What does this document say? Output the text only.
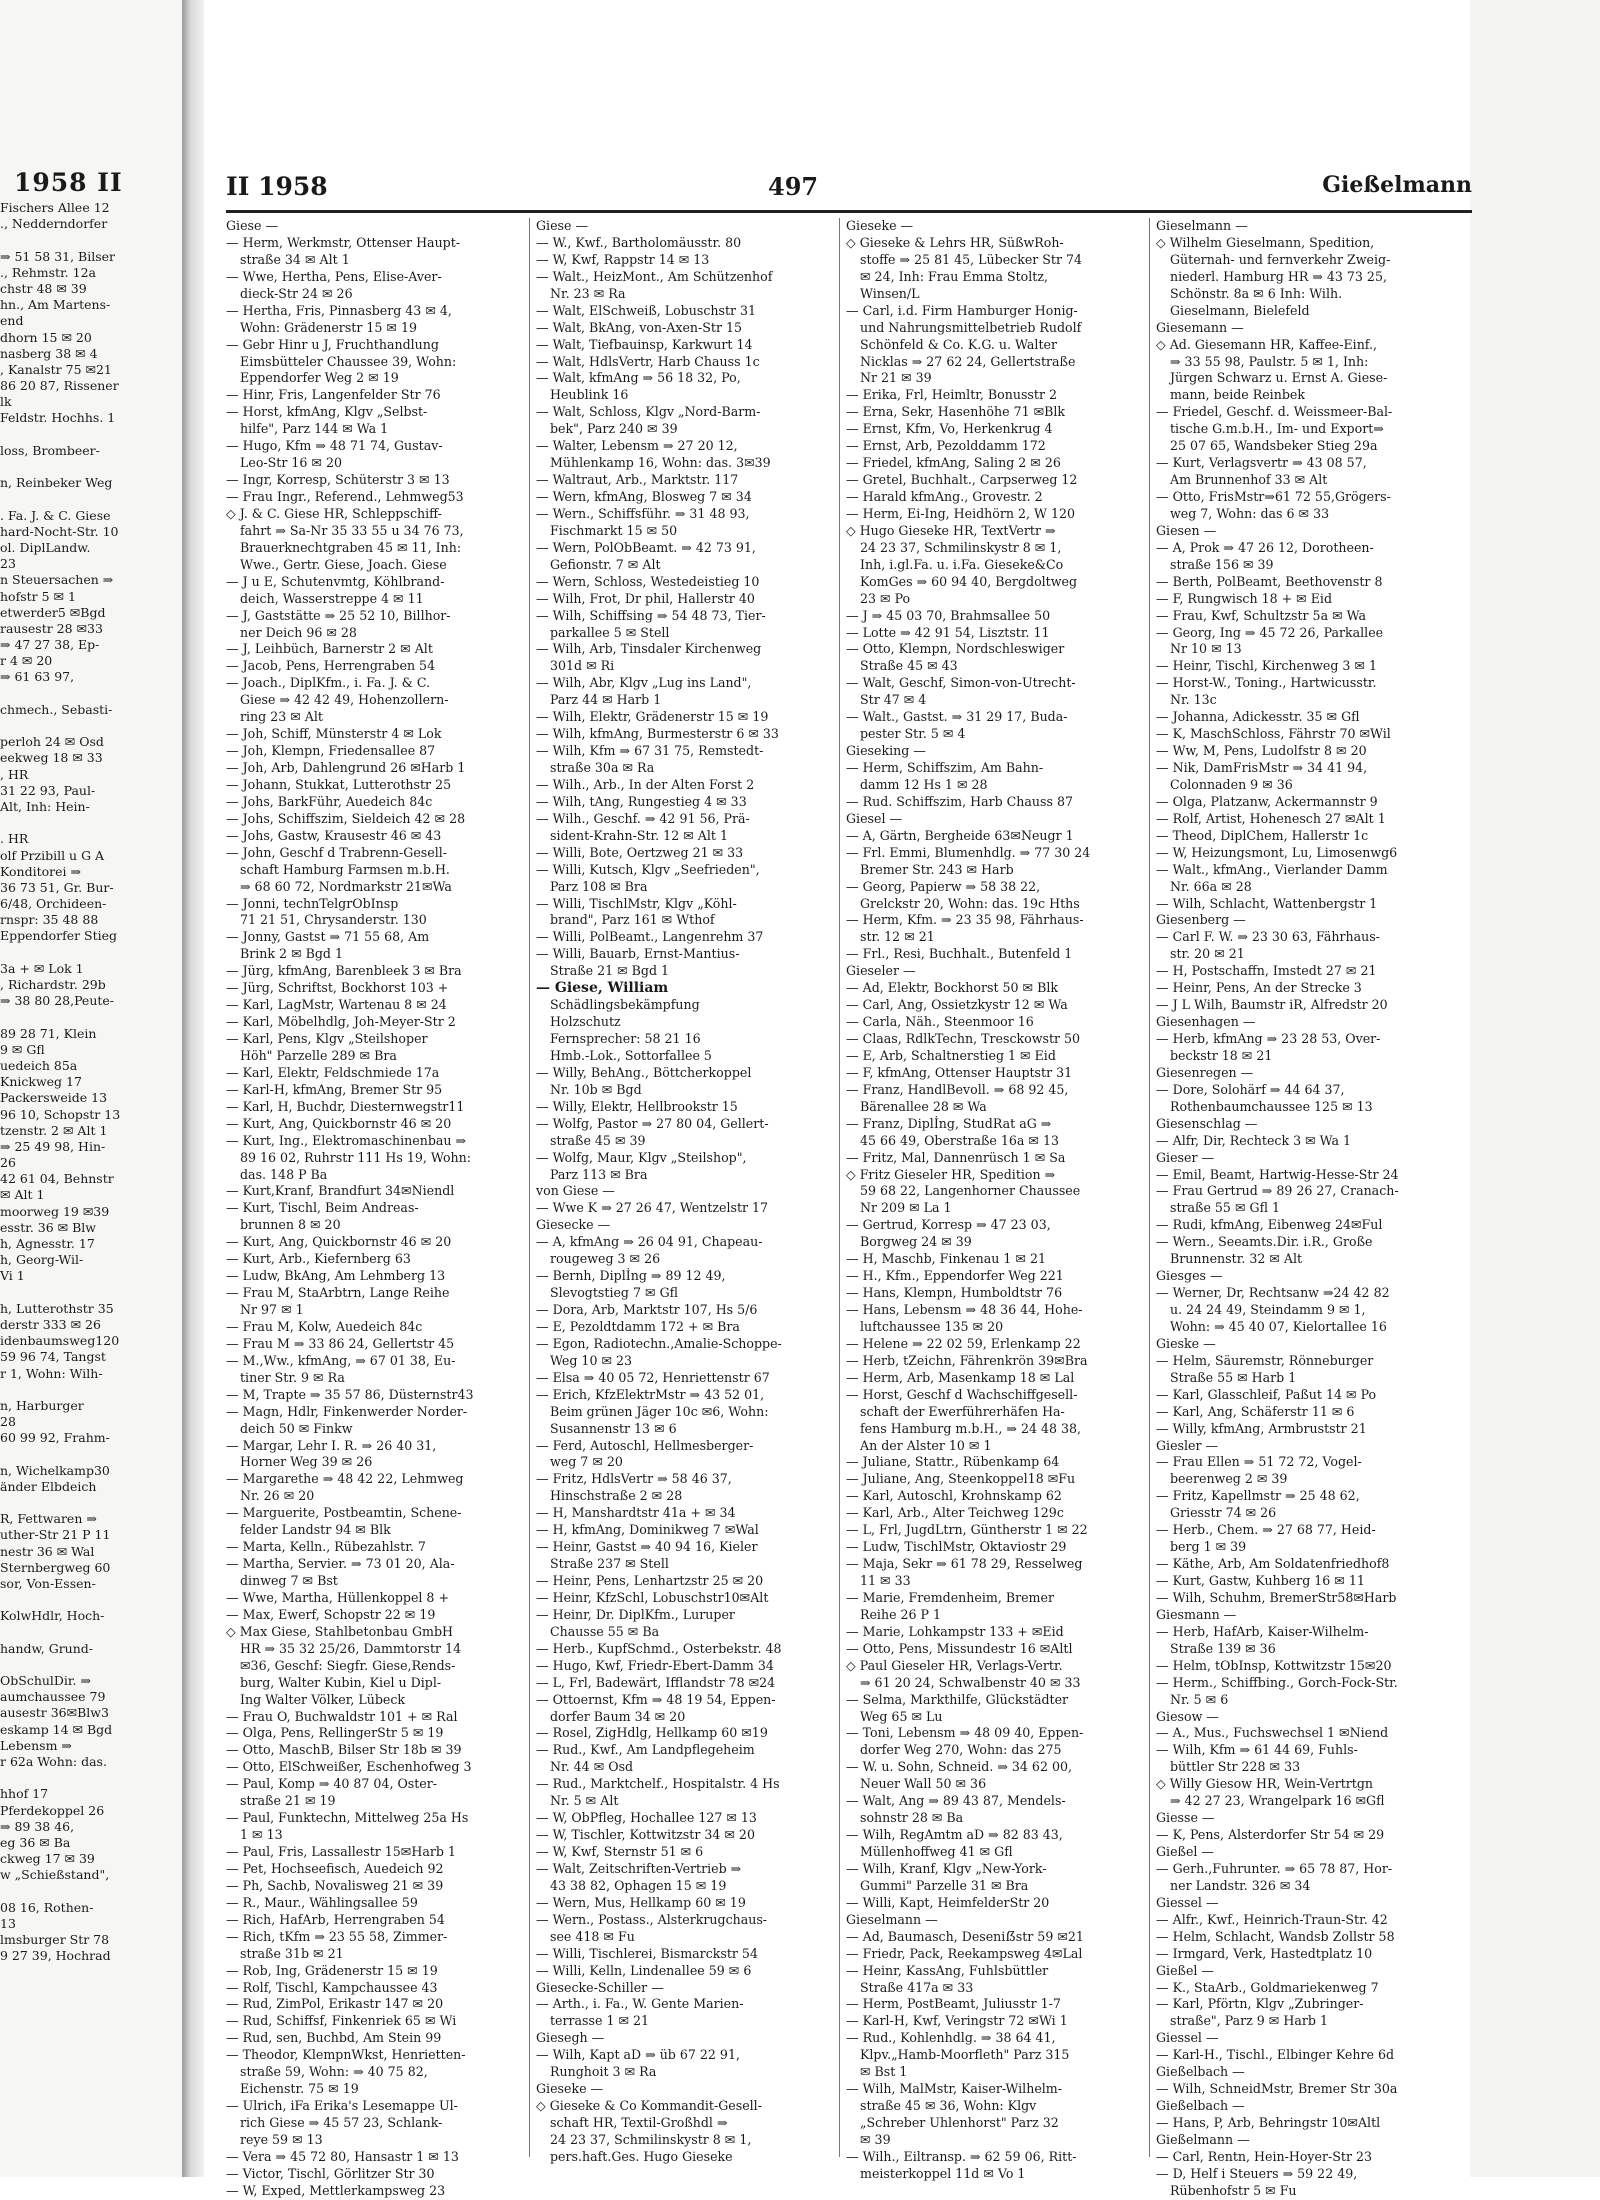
1958 II
Fischers Allee 12
., Nedderndorfer
⇒ 51 58 31, Bilser
., Rehmstr. 12a
chstr 48 ✉ 39
hn., Am Martens-
end
dhorn 15 ✉ 20
nasberg 38 ✉ 4
, Kanalstr 75 ✉21
86 20 87, Rissener
lk
Feldstr. Hochhs. 1
loss, Brombeer-
n, Reinbeker Weg
. Fa. J. & C. Giese
hard-Nocht-Str. 10
ol. DiplLandw.
23
n Steuersachen ⇒
hofstr 5 ✉ 1
etwerder5 ✉Bgd
rausestr 28 ✉33
⇒ 47 27 38, Ep-
r 4 ✉ 20
⇒ 61 63 97,
chmech., Sebasti-
perloh 24 ✉ Osd
eekweg 18 ✉ 33
, HR
31 22 93, Paul-
Alt, Inh: Hein-
. HR
olf Przibill u G A
Konditorei ⇒
36 73 51, Gr. Bur-
6/48, Orchideen-
rnspr: 35 48 88
Eppendorfer Stieg
3a + ✉ Lok 1
, Richardstr. 29b
⇒ 38 80 28,Peute-
89 28 71, Klein
9 ✉ Gfl
uedeich 85a
Knickweg 17
Packersweide 13
96 10, Schopstr 13
tzenstr. 2 ✉ Alt 1
⇒ 25 49 98, Hin-
26
42 61 04, Behnstr
✉ Alt 1
moorweg 19 ✉39
esstr. 36 ✉ Blw
h, Agnesstr. 17
h, Georg-Wil-
Vi 1
h, Lutterothstr 35
derstr 333 ✉ 26
idenbaumsweg120
59 96 74, Tangst
r 1, Wohn: Wilh-
n, Harburger
28
60 99 92, Frahm-
n, Wichelkamp30
änder Elbdeich
R, Fettwaren ⇒
uther-Str 21 P 11
nestr 36 ✉ Wal
Sternbergweg 60
sor, Von-Essen-
KolwHdlr, Hoch-
handw, Grund-
ObSchulDir. ⇒
aumchaussee 79
ausestr 36✉Blw3
eskamp 14 ✉ Bgd
Lebensm ⇒
r 62a Wohn: das.
hhof 17
Pferdekoppel 26
⇒ 89 38 46,
eg 36 ✉ Ba
ckweg 17 ✉ 39
w „Schießstand",
08 16, Rothen-
13
lmsburger Str 78
9 27 39, Hochrad
II 1958	497	Gießelmann
Giese —
— Herm, Werkmstr, Ottenser Haupt-
straße 34 ✉ Alt 1
— Wwe, Hertha, Pens, Elise-Aver-
dieck-Str 24 ✉ 26
— Hertha, Fris, Pinnasberg 43 ✉ 4,
Wohn: Grädenerstr 15 ✉ 19
— Gebr Hinr u J, Fruchthandlung
Eimsbütteler Chaussee 39, Wohn:
Eppendorfer Weg 2 ✉ 19
— Hinr, Fris, Langenfelder Str 76
— Horst, kfmAng, Klgv „Selbst-
hilfe", Parz 144 ✉ Wa 1
— Hugo, Kfm ⇒ 48 71 74, Gustav-
Leo-Str 16 ✉ 20
— Ingr, Korresp, Schüterstr 3 ✉ 13
— Frau Ingr., Referend., Lehmweg53
◇ J. & C. Giese HR, Schleppschiff-
fahrt ⇒ Sa-Nr 35 33 55 u 34 76 73,
Brauerknechtgraben 45 ✉ 11, Inh:
Wwe., Gertr. Giese, Joach. Giese
— J u E, Schutenvmtg, Köhlbrand-
deich, Wasserstreppe 4 ✉ 11
— J, Gaststätte ⇒ 25 52 10, Billhor-
ner Deich 96 ✉ 28
— J, Leihbüch, Barnerstr 2 ✉ Alt
— Jacob, Pens, Herrengraben 54
— Joach., DiplKfm., i. Fa. J. & C.
Giese ⇒ 42 42 49, Hohenzollern-
ring 23 ✉ Alt
— Joh, Schiff, Münsterstr 4 ✉ Lok
— Joh, Klempn, Friedensallee 87
— Joh, Arb, Dahlengrund 26 ✉Harb 1
— Johann, Stukkat, Lutterothstr 25
— Johs, BarkFühr, Auedeich 84c
— Johs, Schiffszim, Sieldeich 42 ✉ 28
— Johs, Gastw, Krausestr 46 ✉ 43
— John, Geschf d Trabrenn-Gesell-
schaft Hamburg Farmsen m.b.H.
⇒ 68 60 72, Nordmarkstr 21✉Wa
— Jonni, technTelgrObInsp
71 21 51, Chrysanderstr. 130
— Jonny, Gastst ⇒ 71 55 68, Am
Brink 2 ✉ Bgd 1
— Jürg, kfmAng, Barenbleek 3 ✉ Bra
— Jürg, Schriftst, Bockhorst 103 +
— Karl, LagMstr, Wartenau 8 ✉ 24
— Karl, Möbelhdlg, Joh-Meyer-Str 2
— Karl, Pens, Klgv „Steilshoper
Höh" Parzelle 289 ✉ Bra
— Karl, Elektr, Feldschmiede 17a
— Karl-H, kfmAng, Bremer Str 95
— Karl, H, Buchdr, Diesternwegstr11
— Kurt, Ang, Quickbornstr 46 ✉ 20
— Kurt, Ing., Elektromaschinenbau ⇒
89 16 02, Ruhrstr 111 Hs 19, Wohn:
das. 148 P Ba
— Kurt,Kranf, Brandfurt 34✉Niendl
— Kurt, Tischl, Beim Andreas-
brunnen 8 ✉ 20
— Kurt, Ang, Quickbornstr 46 ✉ 20
— Kurt, Arb., Kiefernberg 63
— Ludw, BkAng, Am Lehmberg 13
— Frau M, StaArbtrn, Lange Reihe
Nr 97 ✉ 1
— Frau M, Kolw, Auedeich 84c
— Frau M ⇒ 33 86 24, Gellertstr 45
— M.,Ww., kfmAng, ⇒ 67 01 38, Eu-
tiner Str. 9 ✉ Ra
— M, Trapte ⇒ 35 57 86, Düsternstr43
— Magn, Hdlr, Finkenwerder Norder-
deich 50 ✉ Finkw
— Margar, Lehr I. R. ⇒ 26 40 31,
Horner Weg 39 ✉ 26
— Margarethe ⇒ 48 42 22, Lehmweg
Nr. 26 ✉ 20
— Marguerite, Postbeamtin, Schene-
felder Landstr 94 ✉ Blk
— Marta, Kelln., Rübezahlstr. 7
— Martha, Servier. ⇒ 73 01 20, Ala-
dinweg 7 ✉ Bst
— Wwe, Martha, Hüllenkoppel 8 +
— Max, Ewerf, Schopstr 22 ✉ 19
◇ Max Giese, Stahlbetonbau GmbH
HR ⇒ 35 32 25/26, Dammtorstr 14
✉36, Geschf: Siegfr. Giese,Rends-
burg, Walter Kubin, Kiel u Dipl-
Ing Walter Völker, Lübeck
— Frau O, Buchwaldstr 101 + ✉ Ral
— Olga, Pens, RellingerStr 5 ✉ 19
— Otto, MaschB, Bilser Str 18b ✉ 39
— Otto, ElSchweißer, Eschenhofweg 3
— Paul, Komp ⇒ 40 87 04, Oster-
straße 21 ✉ 19
— Paul, Funktechn, Mittelweg 25a Hs
1 ✉ 13
— Paul, Fris, Lassallestr 15✉Harb 1
— Pet, Hochseefisch, Auedeich 92
— Ph, Sachb, Novalisweg 21 ✉ 39
— R., Maur., Wählingsallee 59
— Rich, HafArb, Herrengraben 54
— Rich, tKfm ⇒ 23 55 58, Zimmer-
straße 31b ✉ 21
— Rob, Ing, Grädenerstr 15 ✉ 19
— Rolf, Tischl, Kampchaussee 43
— Rud, ZimPol, Erikastr 147 ✉ 20
— Rud, Schiffsf, Finkenriek 65 ✉ Wi
— Rud, sen, Buchbd, Am Stein 99
— Theodor, KlempnWkst, Henrietten-
straße 59, Wohn: ⇒ 40 75 82,
Eichenstr. 75 ✉ 19
— Ulrich, iFa Erika's Lesemappe Ul-
rich Giese ⇒ 45 57 23, Schlank-
reye 59 ✉ 13
— Vera ⇒ 45 72 80, Hansastr 1 ✉ 13
— Victor, Tischl, Görlitzer Str 30
— W, Exped, Mettlerkampsweg 23
Giese —
— W., Kwf., Bartholomäusstr. 80
— W, Kwf, Rappstr 14 ✉ 13
— Walt., HeizMont., Am Schützenhof
Nr. 23 ✉ Ra
— Walt, ElSchweiß, Lobuschstr 31
— Walt, BkAng, von-Axen-Str 15
— Walt, Tiefbauinsp, Karkwurt 14
— Walt, HdlsVertr, Harb Chauss 1c
— Walt, kfmAng ⇒ 56 18 32, Po,
Heublink 16
— Walt, Schloss, Klgv „Nord-Barm-
bek", Parz 240 ✉ 39
— Walter, Lebensm ⇒ 27 20 12,
Mühlenkamp 16, Wohn: das. 3✉39
— Waltraut, Arb., Marktstr. 117
— Wern, kfmAng, Blosweg 7 ✉ 34
— Wern., Schiffsführ. ⇒ 31 48 93,
Fischmarkt 15 ✉ 50
— Wern, PolObBeamt. ⇒ 42 73 91,
Gefionstr. 7 ✉ Alt
— Wern, Schloss, Westedeistieg 10
— Wilh, Frot, Dr phil, Hallerstr 40
— Wilh, Schiffsing ⇒ 54 48 73, Tier-
parkallee 5 ✉ Stell
— Wilh, Arb, Tinsdaler Kirchenweg
301d ✉ Ri
— Wilh, Abr, Klgv „Lug ins Land",
Parz 44 ✉ Harb 1
— Wilh, Elektr, Grädenerstr 15 ✉ 19
— Wilh, kfmAng, Burmesterstr 6 ✉ 33
— Wilh, Kfm ⇒ 67 31 75, Remstedt-
straße 30a ✉ Ra
— Wilh., Arb., In der Alten Forst 2
— Wilh, tAng, Rungestieg 4 ✉ 33
— Wilh., Geschf. ⇒ 42 91 56, Prä-
sident-Krahn-Str. 12 ✉ Alt 1
— Willi, Bote, Oertzweg 21 ✉ 33
— Willi, Kutsch, Klgv „Seefrieden",
Parz 108 ✉ Bra
— Willi, TischlMstr, Klgv „Köhl-
brand", Parz 161 ✉ Wthof
— Willi, PolBeamt., Langenrehm 37
— Willi, Bauarb, Ernst-Mantius-
Straße 21 ✉ Bgd 1
— Giese, William
Schädlingsbekämpfung
Holzschutz
Fernsprecher: 58 21 16
Hmb.-Lok., Sottorfallee 5
— Willy, BehAng., Böttcherkoppel
Nr. 10b ✉ Bgd
— Willy, Elektr, Hellbrookstr 15
— Wolfg, Pastor ⇒ 27 80 04, Gellert-
straße 45 ✉ 39
— Wolfg, Maur, Klgv „Steilshop",
Parz 113 ✉ Bra
von Giese —
— Wwe K ⇒ 27 26 47, Wentzelstr 17
Giesecke —
— A, kfmAng ⇒ 26 04 91, Chapeau-
rougeweg 3 ✉ 26
— Bernh, Diplİng ⇒ 89 12 49,
Slevogtstieg 7 ✉ Gfl
— Dora, Arb, Marktstr 107, Hs 5/6
— E, Pezoldtdamm 172 + ✉ Bra
— Egon, Radiotechn.,Amalie-Schoppe-
Weg 10 ✉ 23
— Elsa ⇒ 40 05 72, Henriettenstr 67
— Erich, KfzElektrMstr ⇒ 43 52 01,
Beim grünen Jäger 10c ✉6, Wohn:
Susannenstr 13 ✉ 6
— Ferd, Autoschl, Hellmesberger-
weg 7 ✉ 20
— Fritz, HdlsVertr ⇒ 58 46 37,
Hinschstraße 2 ✉ 28
— H, Manshardtstr 41a + ✉ 34
— H, kfmAng, Dominikweg 7 ✉Wal
— Heinr, Gastst ⇒ 40 94 16, Kieler
Straße 237 ✉ Stell
— Heinr, Pens, Lenhartzstr 25 ✉ 20
— Heinr, KfzSchl, Lobuschstr10✉Alt
— Heinr, Dr. DiplKfm., Luruper
Chausse 55 ✉ Ba
— Herb., KupfSchmd., Osterbekstr. 48
— Hugo, Kwf, Friedr-Ebert-Damm 34
— L, Frl, Badewärt, Ifflandstr 78 ✉24
— Ottoernst, Kfm ⇒ 48 19 54, Eppen-
dorfer Baum 34 ✉ 20
— Rosel, ZigHdlg, Hellkamp 60 ✉19
— Rud., Kwf., Am Landpflegeheim
Nr. 44 ✉ Osd
— Rud., Marktchelf., Hospitalstr. 4 Hs
Nr. 5 ✉ Alt
— W, ObPfleg, Hochallee 127 ✉ 13
— W, Tischler, Kottwitzstr 34 ✉ 20
— W, Kwf, Sternstr 51 ✉ 6
— Walt, Zeitschriften-Vertrieb ⇒
43 38 82, Ophagen 15 ✉ 19
— Wern, Mus, Hellkamp 60 ✉ 19
— Wern., Postass., Alsterkrugchaus-
see 418 ✉ Fu
— Willi, Tischlerei, Bismarckstr 54
— Willi, Kelln, Lindenallee 59 ✉ 6
Giesecke-Schiller —
— Arth., i. Fa., W. Gente Marien-
terrasse 1 ✉ 21
Giesegh —
— Wilh, Kapt aD ⇒ üb 67 22 91,
Runghoit 3 ✉ Ra
Gieseke —
◇ Gieseke & Co Kommandit-Gesell-
schaft HR, Textil-Großhdl ⇒
24 23 37, Schmilinskystr 8 ✉ 1,
pers.haft.Ges. Hugo Gieseke
Gieseke —
◇ Gieseke & Lehrs HR, SüßwRoh-
stoffe ⇒ 25 81 45, Lübecker Str 74
✉ 24, Inh: Frau Emma Stoltz,
Winsen/L
— Carl, i.d. Firm Hamburger Honig-
und Nahrungsmittelbetrieb Rudolf
Schönfeld & Co. K.G. u. Walter
Nicklas ⇒ 27 62 24, Gellertstraße
Nr 21 ✉ 39
— Erika, Frl, Heimltr, Bonusstr 2
— Erna, Sekr, Hasenhöhe 71 ✉Blk
— Ernst, Kfm, Vo, Herkenkrug 4
— Ernst, Arb, Pezolddamm 172
— Friedel, kfmAng, Saling 2 ✉ 26
— Gretel, Buchhalt., Carpserweg 12
— Harald kfmAng., Grovestr. 2
— Herm, Ei-Ing, Heidhörn 2, W 120
◇ Hugo Gieseke HR, TextVertr ⇒
24 23 37, Schmilinskystr 8 ✉ 1,
Inh, i.gl.Fa. u. i.Fa. Gieseke&Co
KomGes ⇒ 60 94 40, Bergdoltweg
23 ✉ Po
— J ⇒ 45 03 70, Brahmsallee 50
— Lotte ⇒ 42 91 54, Lisztstr. 11
— Otto, Klempn, Nordschleswiger
Straße 45 ✉ 43
— Walt, Geschf, Simon-von-Utrecht-
Str 47 ✉ 4
— Walt., Gastst. ⇒ 31 29 17, Buda-
pester Str. 5 ✉ 4
Gieseking —
— Herm, Schiffszim, Am Bahn-
damm 12 Hs 1 ✉ 28
— Rud. Schiffszim, Harb Chauss 87
Giesel —
— A, Gärtn, Bergheide 63✉Neugr 1
— Frl. Emmi, Blumenhdlg. ⇒ 77 30 24
Bremer Str. 243 ✉ Harb
— Georg, Papierw ⇒ 58 38 22,
Grelckstr 20, Wohn: das. 19c Hths
— Herm, Kfm. ⇒ 23 35 98, Fährhaus-
str. 12 ✉ 21
— Frl., Resi, Buchhalt., Butenfeld 1
Gieseler —
— Ad, Elektr, Bockhorst 50 ✉ Blk
— Carl, Ang, Ossietzkystr 12 ✉ Wa
— Carla, Näh., Steenmoor 16
— Claas, RdlkTechn, Tresckowstr 50
— E, Arb, Schaltnerstieg 1 ✉ Eid
— F, kfmAng, Ottenser Hauptstr 31
— Franz, HandlBevoll. ⇒ 68 92 45,
Bärenallee 28 ✉ Wa
— Franz, Diplİng, StudRat aG ⇒
45 66 49, Oberstraße 16a ✉ 13
— Fritz, Mal, Dannenrüsch 1 ✉ Sa
◇ Fritz Gieseler HR, Spedition ⇒
59 68 22, Langenhorner Chaussee
Nr 209 ✉ La 1
— Gertrud, Korresp ⇒ 47 23 03,
Borgweg 24 ✉ 39
— H, Maschb, Finkenau 1 ✉ 21
— H., Kfm., Eppendorfer Weg 221
— Hans, Klempn, Humboldtstr 76
— Hans, Lebensm ⇒ 48 36 44, Hohe-
luftchaussee 135 ✉ 20
— Helene ⇒ 22 02 59, Erlenkamp 22
— Herb, tZeichn, Fährenkrön 39✉Bra
— Herm, Arb, Masenkamp 18 ✉ Lal
— Horst, Geschf d Wachschiffgesell-
schaft der Ewerführerhäfen Ha-
fens Hamburg m.b.H., ⇒ 24 48 38,
An der Alster 10 ✉ 1
— Juliane, Stattr., Rübenkamp 64
— Juliane, Ang, Steenkoppel18 ✉Fu
— Karl, Autoschl, Krohnskamp 62
— Karl, Arb., Alter Teichweg 129c
— L, Frl, JugdLtrn, Güntherstr 1 ✉ 22
— Ludw, TischlMstr, Oktaviostr 29
— Maja, Sekr ⇒ 61 78 29, Resselweg
11 ✉ 33
— Marie, Fremdenheim, Bremer
Reihe 26 P 1
— Marie, Lohkampstr 133 + ✉Eid
— Otto, Pens, Missundestr 16 ✉Altl
◇ Paul Gieseler HR, Verlags-Vertr.
⇒ 61 20 24, Schwalbenstr 40 ✉ 33
— Selma, Markthilfe, Glückstädter
Weg 65 ✉ Lu
— Toni, Lebensm ⇒ 48 09 40, Eppen-
dorfer Weg 270, Wohn: das 275
— W. u. Sohn, Schneid. ⇒ 34 62 00,
Neuer Wall 50 ✉ 36
— Walt, Ang ⇒ 89 43 87, Mendels-
sohnstr 28 ✉ Ba
— Wilh, RegAmtm aD ⇒ 82 83 43,
Müllenhoffweg 41 ✉ Gfl
— Wilh, Kranf, Klgv „New-York-
Gummi" Parzelle 31 ✉ Bra
— Willi, Kapt, HeimfelderStr 20
Gieselmann —
— Ad, Baumasch, Deseniẞstr 59 ✉21
— Friedr, Pack, Reekampsweg 4✉Lal
— Heinr, KassAng, Fuhlsbüttler
Straße 417a ✉ 33
— Herm, PostBeamt, Juliusstr 1-7
— Karl-H, Kwf, Veringstr 72 ✉Wi 1
— Rud., Kohlenhdlg. ⇒ 38 64 41,
Klpv.„Hamb-Moorfleth" Parz 315
✉ Bst 1
— Wilh, MalMstr, Kaiser-Wilhelm-
straße 45 ✉ 36, Wohn: Klgv
„Schreber Uhlenhorst" Parz 32
✉ 39
— Wilh., Eiltransp. ⇒ 62 59 06, Ritt-
meisterkoppel 11d ✉ Vo 1
Gieselmann —
◇ Wilhelm Gieselmann, Spedition,
Güternah- und fernverkehr Zweig-
niederl. Hamburg HR ⇒ 43 73 25,
Schönstr. 8a ✉ 6 Inh: Wilh.
Gieselmann, Bielefeld
Giesemann —
◇ Ad. Giesemann HR, Kaffee-Einf.,
⇒ 33 55 98, Paulstr. 5 ✉ 1, Inh:
Jürgen Schwarz u. Ernst A. Giese-
mann, beide Reinbek
— Friedel, Geschf. d. Weissmeer-Bal-
tische G.m.b.H., Im- und Export⇒
25 07 65, Wandsbeker Stieg 29a
— Kurt, Verlagsvertr ⇒ 43 08 57,
Am Brunnenhof 33 ✉ Alt
— Otto, FrisMstr⇒61 72 55,Grögers-
weg 7, Wohn: das 6 ✉ 33
Giesen —
— A, Prok ⇒ 47 26 12, Dorotheen-
straße 156 ✉ 39
— Berth, PolBeamt, Beethovenstr 8
— F, Rungwisch 18 + ✉ Eid
— Frau, Kwf, Schultzstr 5a ✉ Wa
— Georg, Ing ⇒ 45 72 26, Parkallee
Nr 10 ✉ 13
— Heinr, Tischl, Kirchenweg 3 ✉ 1
— Horst-W., Toning., Hartwicusstr.
Nr. 13c
— Johanna, Adickesstr. 35 ✉ Gfl
— K, MaschSchloss, Fährstr 70 ✉Wil
— Ww, M, Pens, Ludolfstr 8 ✉ 20
— Nik, DamFrisMstr ⇒ 34 41 94,
Colonnaden 9 ✉ 36
— Olga, Platzanw, Ackermannstr 9
— Rolf, Artist, Hohenesch 27 ✉Alt 1
— Theod, DiplChem, Hallerstr 1c
— W, Heizungsmont, Lu, Limosenwg6
— Walt., kfmAng., Vierlander Damm
Nr. 66a ✉ 28
— Wilh, Schlacht, Wattenbergstr 1
Giesenberg —
— Carl F. W. ⇒ 23 30 63, Fährhaus-
str. 20 ✉ 21
— H, Postschaffn, Imstedt 27 ✉ 21
— Heinr, Pens, An der Strecke 3
— J L Wilh, Baumstr iR, Alfredstr 20
Giesenhagen —
— Herb, kfmAng ⇒ 23 28 53, Over-
beckstr 18 ✉ 21
Giesenregen —
— Dore, Solohärf ⇒ 44 64 37,
Rothenbaumchaussee 125 ✉ 13
Giesenschlag —
— Alfr, Dir, Rechteck 3 ✉ Wa 1
Gieser —
— Emil, Beamt, Hartwig-Hesse-Str 24
— Frau Gertrud ⇒ 89 26 27, Cranach-
straße 55 ✉ Gfl 1
— Rudi, kfmAng, Eibenweg 24✉Ful
— Wern., Seeamts.Dir. i.R., Große
Brunnenstr. 32 ✉ Alt
Giesges —
— Werner, Dr, Rechtsanw ⇒24 42 82
u. 24 24 49, Steindamm 9 ✉ 1,
Wohn: ⇒ 45 40 07, Kielortallee 16
Gieske —
— Helm, Säuremstr, Rönneburger
Straße 55 ✉ Harb 1
— Karl, Glasschleif, Paßut 14 ✉ Po
— Karl, Ang, Schäferstr 11 ✉ 6
— Willy, kfmAng, Armbruststr 21
Giesler —
— Frau Ellen ⇒ 51 72 72, Vogel-
beerenweg 2 ✉ 39
— Fritz, Kapellmstr ⇒ 25 48 62,
Griesstr 74 ✉ 26
— Herb., Chem. ⇒ 27 68 77, Heid-
berg 1 ✉ 39
— Käthe, Arb, Am Soldatenfriedhof8
— Kurt, Gastw, Kuhberg 16 ✉ 11
— Wilh, Schuhm, BremerStr58✉Harb
Giesmann —
— Herb, HafArb, Kaiser-Wilhelm-
Straße 139 ✉ 36
— Helm, tObInsp, Kottwitzstr 15✉20
— Herm., Schiffbing., Gorch-Fock-Str.
Nr. 5 ✉ 6
Giesow —
— A., Mus., Fuchswechsel 1 ✉Niend
— Wilh, Kfm ⇒ 61 44 69, Fuhls-
büttler Str 228 ✉ 33
◇ Willy Giesow HR, Wein-Vertrtgn
⇒ 42 27 23, Wrangelpark 16 ✉Gfl
Giesse —
— K, Pens, Alsterdorfer Str 54 ✉ 29
Gießel —
— Gerh.,Fuhrunter. ⇒ 65 78 87, Hor-
ner Landstr. 326 ✉ 34
Giessel —
— Alfr., Kwf., Heinrich-Traun-Str. 42
— Helm, Schlacht, Wandsb Zollstr 58
— Irmgard, Verk, Hastedtplatz 10
Gießel —
— K., StaArb., Goldmariekenweg 7
— Karl, Pförtn, Klgv „Zubringer-
straße", Parz 9 ✉ Harb 1
Giessel —
— Karl-H., Tischl., Elbinger Kehre 6d
Gießelbach —
— Wilh, SchneidMstr, Bremer Str 30a
Gießelbach —
— Hans, P, Arb, Behringstr 10✉Altl
Gießelmann —
— Carl, Rentn, Hein-Hoyer-Str 23
— D, Helf i Steuers ⇒ 59 22 49,
Rübenhofstr 5 ✉ Fu
